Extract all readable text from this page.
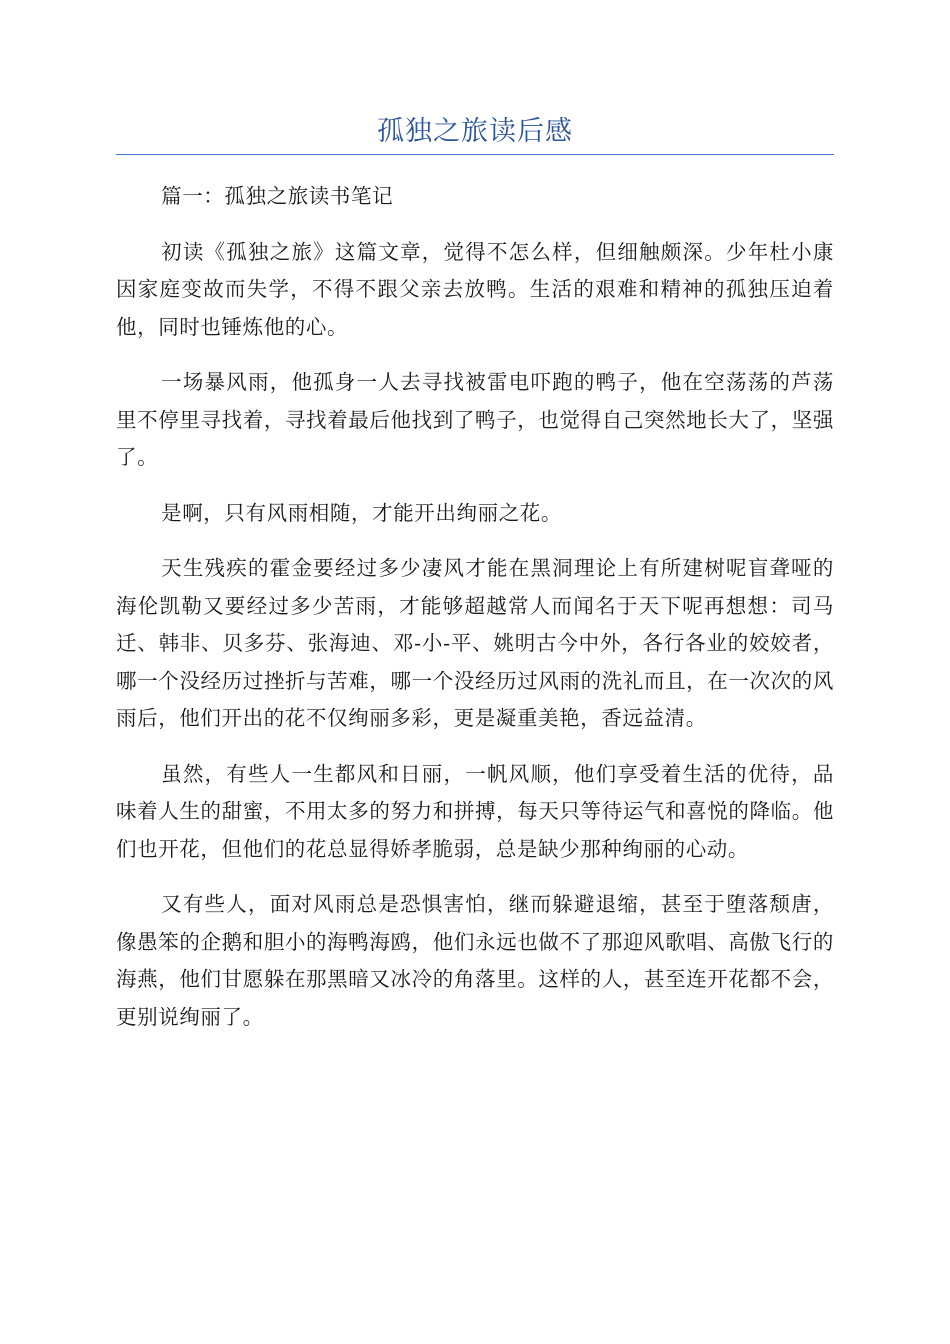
孤独之旅读后感

篇一：孤独之旅读书笔记

初读《孤独之旅》这篇文章，觉得不怎么样，但细触颇深。少年杜小康因家庭变故而失学，不得不跟父亲去放鸭。生活的艰难和精神的孤独压迫着他，同时也锤炼他的心。

一场暴风雨，他孤身一人去寻找被雷电吓跑的鸭子，他在空荡荡的芦荡里不停里寻找着，寻找着最后他找到了鸭子，也觉得自己突然地长大了，坚强了。

是啊，只有风雨相随，才能开出绚丽之花。

天生残疾的霍金要经过多少凄风才能在黑洞理论上有所建树呢盲聋哑的海伦凯勒又要经过多少苦雨，才能够超越常人而闻名于天下呢再想想：司马迁、韩非、贝多芬、张海迪、邓-小-平、姚明古今中外，各行各业的姣姣者，哪一个没经历过挫折与苦难，哪一个没经历过风雨的洗礼而且，在一次次的风雨后，他们开出的花不仅绚丽多彩，更是凝重美艳，香远益清。

虽然，有些人一生都风和日丽，一帆风顺，他们享受着生活的优待，品味着人生的甜蜜，不用太多的努力和拼搏，每天只等待运气和喜悦的降临。他们也开花，但他们的花总显得娇孝脆弱，总是缺少那种绚丽的心动。

又有些人，面对风雨总是恐惧害怕，继而躲避退缩，甚至于堕落颓唐，像愚笨的企鹅和胆小的海鸭海鸥，他们永远也做不了那迎风歌唱、高傲飞行的海燕，他们甘愿躲在那黑暗又冰冷的角落里。这样的人，甚至连开花都不会，更别说绚丽了。
